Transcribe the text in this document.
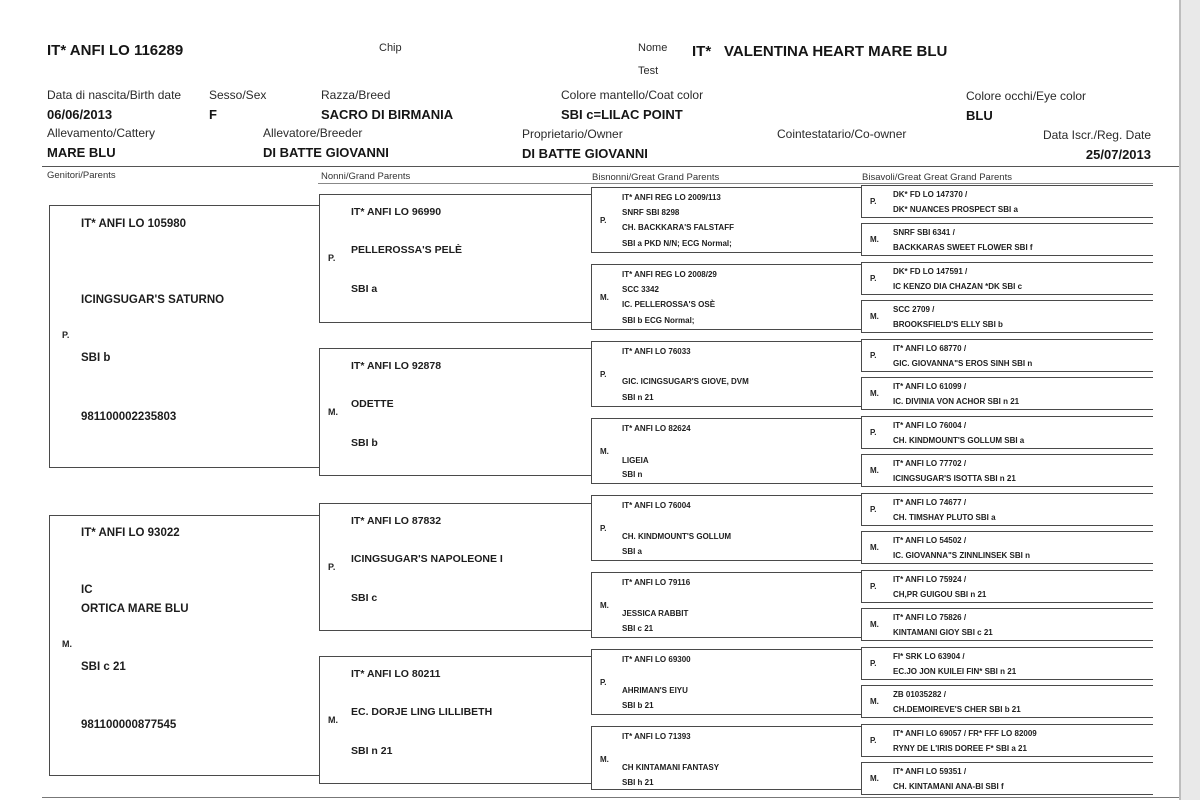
IT* ANFI LO 116289	Chip	Nome
Test
IT* VALENTINA HEART MARE BLU
Data di nascita/Birth date
06/06/2013
Sesso/Sex
F
Razza/Breed
SACRO DI BIRMANIA
Colore mantello/Coat color
SBI c=LILAC POINT
Colore occhi/Eye color
BLU
Allevamento/Cattery
MARE BLU
Allevatore/Breeder
DI BATTE GIOVANNI
Proprietario/Owner
DI BATTE GIOVANNI
Cointestatario/Co-owner	Data Iscr./Reg. Date
25/07/2013
Genitori/Parents	Nonni/Grand Parents	Bisnonni/Great Grand Parents	Bisavoli/Great Great Grand Parents
IT* ANFI LO 105980
ICINGSUGAR'S SATURNO
SBI b
981100002235803
P.
IT* ANFI LO 93022
IC
ORTICA MARE BLU
SBI c 21
981100000877545
M.
IT* ANFI LO 96990
PELLEROSSA'S PELÈ
SBI a
P.
IT* ANFI LO 92878
ODETTE
SBI b
M.
IT* ANFI LO 87832
ICINGSUGAR'S NAPOLEONE I
SBI c
P.
IT* ANFI LO 80211
EC. DORJE LING LILLIBETH
SBI n 21
M.
IT* ANFI REG LO 2009/113
SNRF SBI 8298
CH. BACKKARA'S FALSTAFF
SBI a PKD N/N; ECG Normal;
P.
IT* ANFI REG LO 2008/29
SCC 3342
IC. PELLEROSSA'S OSÈ
SBI b ECG Normal;
M.
IT* ANFI LO 76033
GIC. ICINGSUGAR'S GIOVE, DVM
SBI n 21
P.
IT* ANFI LO 82624
LIGEIA
SBI n
M.
IT* ANFI LO 76004
CH. KINDMOUNT'S GOLLUM
SBI a
P.
IT* ANFI LO 79116
JESSICA RABBIT
SBI c 21
M.
IT* ANFI LO 69300
AHRIMAN'S EIYU
SBI b 21
P.
IT* ANFI LO 71393
CH KINTAMANI FANTASY
SBI h 21
M.
DK* FD LO 147370 /
DK* NUANCES PROSPECT SBI a
P.
SNRF SBI 6341 /
BACKKARAS SWEET FLOWER SBI f
M.
DK* FD LO 147591 /
IC KENZO DIA CHAZAN *DK SBI c
P.
SCC 2709 /
BROOKSFIELD'S ELLY SBI b
M.
IT* ANFI LO 68770 /
GIC. GIOVANNA"S EROS SINH SBI n
P.
IT* ANFI LO 61099 /
IC. DIVINIA VON ACHOR SBI n 21
M.
IT* ANFI LO 76004 /
CH. KINDMOUNT'S GOLLUM SBI a
P.
IT* ANFI LO 77702 /
ICINGSUGAR'S ISOTTA SBI n 21
M.
IT* ANFI LO 74677 /
CH. TIMSHAY PLUTO SBI a
P.
IT* ANFI LO 54502 /
IC. GIOVANNA"S ZINNLINSEK SBI n
M.
IT* ANFI LO 75924 /
CH,PR GUIGOU SBI n 21
P.
IT* ANFI LO 75826 /
KINTAMANI GIOY SBI c 21
M.
FI* SRK LO 63904 /
EC.JO JON KUILEI FIN* SBI n 21
P.
ZB 01035282 /
CH.DEMOIREVE'S CHER SBI b 21
M.
IT* ANFI LO 69057 / FR* FFF LO 82009
RYNY DE L'IRIS DOREE F* SBI a 21
P.
IT* ANFI LO 59351 /
CH. KINTAMANI ANA-BI SBI f
M.
